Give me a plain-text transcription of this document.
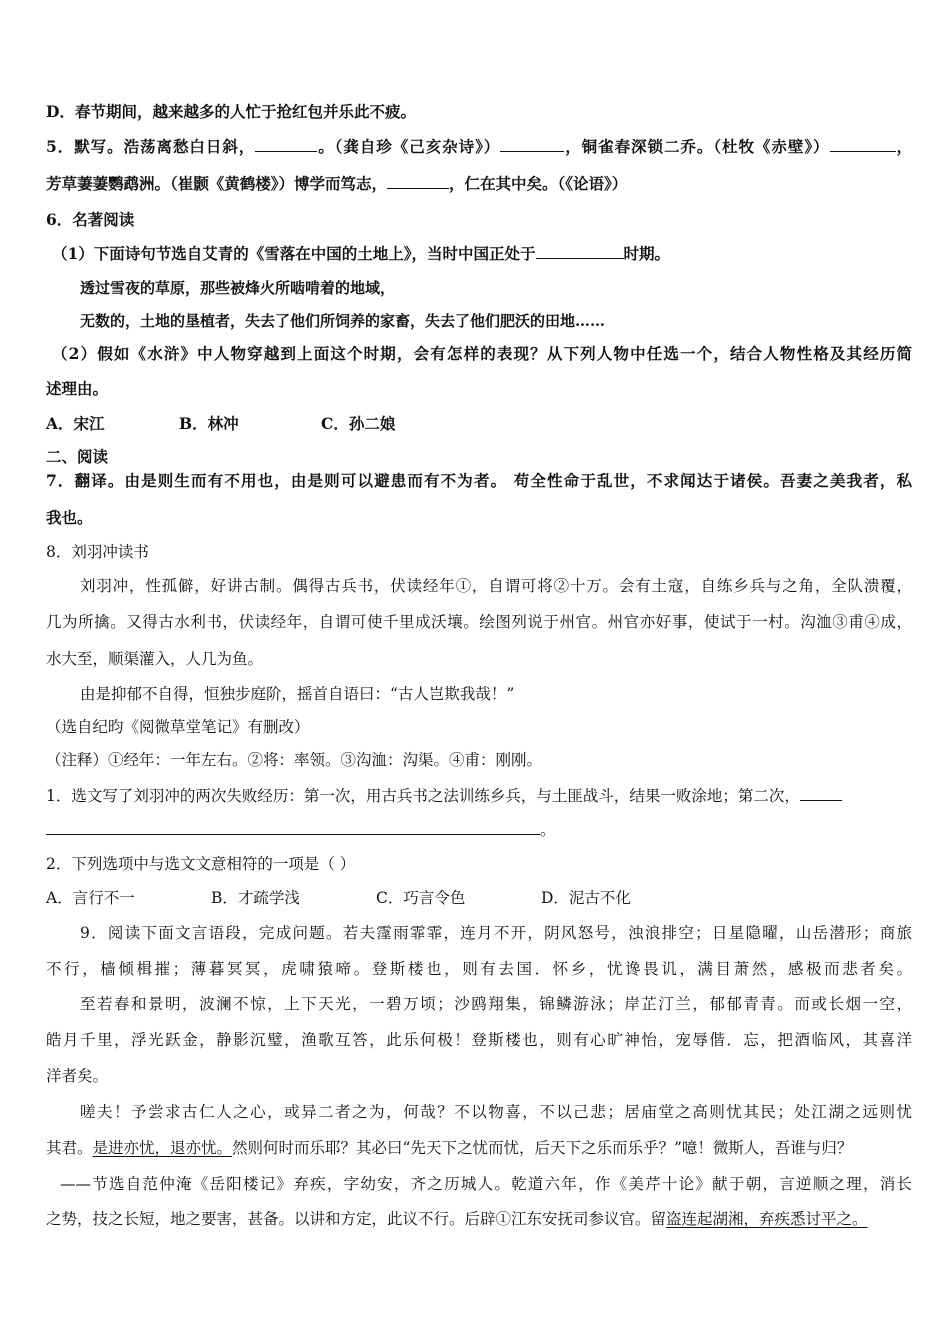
D．春节期间，越来越多的人忙于抢红包并乐此不疲。
5．默写。浩荡离愁白日斜，	。（龚自珍《己亥杂诗》）	，铜雀春深锁二乔。（杜牧《赤壁》）	，
芳草萋萋鹦鹉洲。（崔颢《黄鹤楼》）博学而笃志，	，仁在其中矣。（《论语》）
6．名著阅读
（1）下面诗句节选自艾青的《雪落在中国的土地上》，当时中国正处于	时期。
透过雪夜的草原，那些被烽火所啮啃着的地域，
无数的，土地的垦植者，失去了他们所饲养的家畜，失去了他们肥沃的田地……
（2）假如《水浒》中人物穿越到上面这个时期，会有怎样的表现？从下列人物中任选一个，结合人物性格及其经历简
述理由。
A．宋江	B．林冲	C．孙二娘
二、阅读
7．翻译。由是则生而有不用也，由是则可以避患而有不为者。 苟全性命于乱世，不求闻达于诸侯。吾妻之美我者，私
我也。
8．刘羽冲读书
刘羽冲，性孤僻，好讲古制。偶得古兵书，伏读经年①，自谓可将②十万。会有土寇，自练乡兵与之角，全队溃覆，
几为所擒。又得古水利书，伏读经年，自谓可使千里成沃壤。绘图列说于州官。州官亦好事，使试于一村。沟洫③甫④成，
水大至，顺渠灌入，人几为鱼。
由是抑郁不自得，恒独步庭阶，摇首自语曰：“古人岂欺我哉！”
（选自纪昀《阅微草堂笔记》有删改）
（注释）①经年：一年左右。②将：率领。③沟洫：沟渠。④甫：刚刚。
1．选文写了刘羽冲的两次失败经历：第一次，用古兵书之法训练乡兵，与土匪战斗，结果一败涂地；第二次，
。
2．下列选项中与选文文意相符的一项是（ ）
A．言行不一	B．才疏学浅	C．巧言令色	D．泥古不化
9．阅读下面文言语段，完成问题。若夫霪雨霏霏，连月不开，阴风怒号，浊浪排空；日星隐曜，山岳潜形；商旅
不行，樯倾楫摧；薄暮冥冥，虎啸猿啼。登斯楼也，则有去国．怀乡，忧谗畏讥，满目萧然，感极而悲者矣。
至若春和景明，波澜不惊，上下天光，一碧万顷；沙鸥翔集，锦鳞游泳；岸芷汀兰，郁郁青青。而或长烟一空，
皓月千里，浮光跃金，静影沉璧，渔歌互答，此乐何极！登斯楼也，则有心旷神怡，宠辱偕．忘，把酒临风，其喜洋
洋者矣。
嗟夫！予尝求古仁人之心，或异二者之为，何哉？不以物喜，不以己悲；居庙堂之高则忧其民；处江湖之远则忧
其君。是进亦忧，退亦忧。然则何时而乐耶？其必曰“先天下之忧而忧，后天下之乐而乐乎？”噫！微斯人，吾谁与归？
——节选自范仲淹《岳阳楼记》弃疾，字幼安，齐之历城人。乾道六年，作《美芹十论》献于朝，言逆顺之理，消长
之势，技之长短，地之要害，甚备。以讲和方定，此议不行。后辟①江东安抚司参议官。留盗连起湖湘，弃疾悉讨平之。
